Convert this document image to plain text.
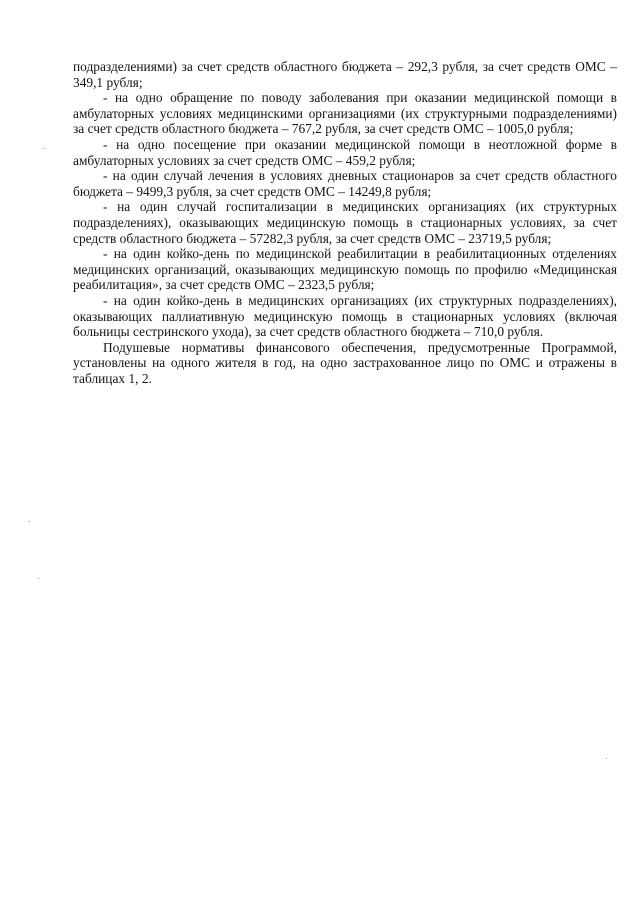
подразделениями) за счет средств областного бюджета – 292,3 рубля, за счет средств ОМС – 349,1 рубля;

- на одно обращение по поводу заболевания при оказании медицинской помощи в амбулаторных условиях медицинскими организациями (их структурными подразделениями) за счет средств областного бюджета – 767,2 рубля, за счет средств ОМС – 1005,0 рубля;

- на одно посещение при оказании медицинской помощи в неотложной форме в амбулаторных условиях за счет средств ОМС – 459,2 рубля;

- на один случай лечения в условиях дневных стационаров за счет средств областного бюджета – 9499,3 рубля, за счет средств ОМС – 14249,8 рубля;

- на один случай госпитализации в медицинских организациях (их структурных подразделениях), оказывающих медицинскую помощь в стационарных условиях, за счет средств областного бюджета – 57282,3 рубля, за счет средств ОМС – 23719,5 рубля;

- на один койко-день по медицинской реабилитации в реабилитационных отделениях медицинских организаций, оказывающих медицинскую помощь по профилю «Медицинская реабилитация», за счет средств ОМС – 2323,5 рубля;

- на один койко-день в медицинских организациях (их структурных подразделениях), оказывающих паллиативную медицинскую помощь в стационарных условиях (включая больницы сестринского ухода), за счет средств областного бюджета – 710,0 рубля.

Подушевые нормативы финансового обеспечения, предусмотренные Программой, установлены на одного жителя в год, на одно застрахованное лицо по ОМС и отражены в таблицах 1, 2.
